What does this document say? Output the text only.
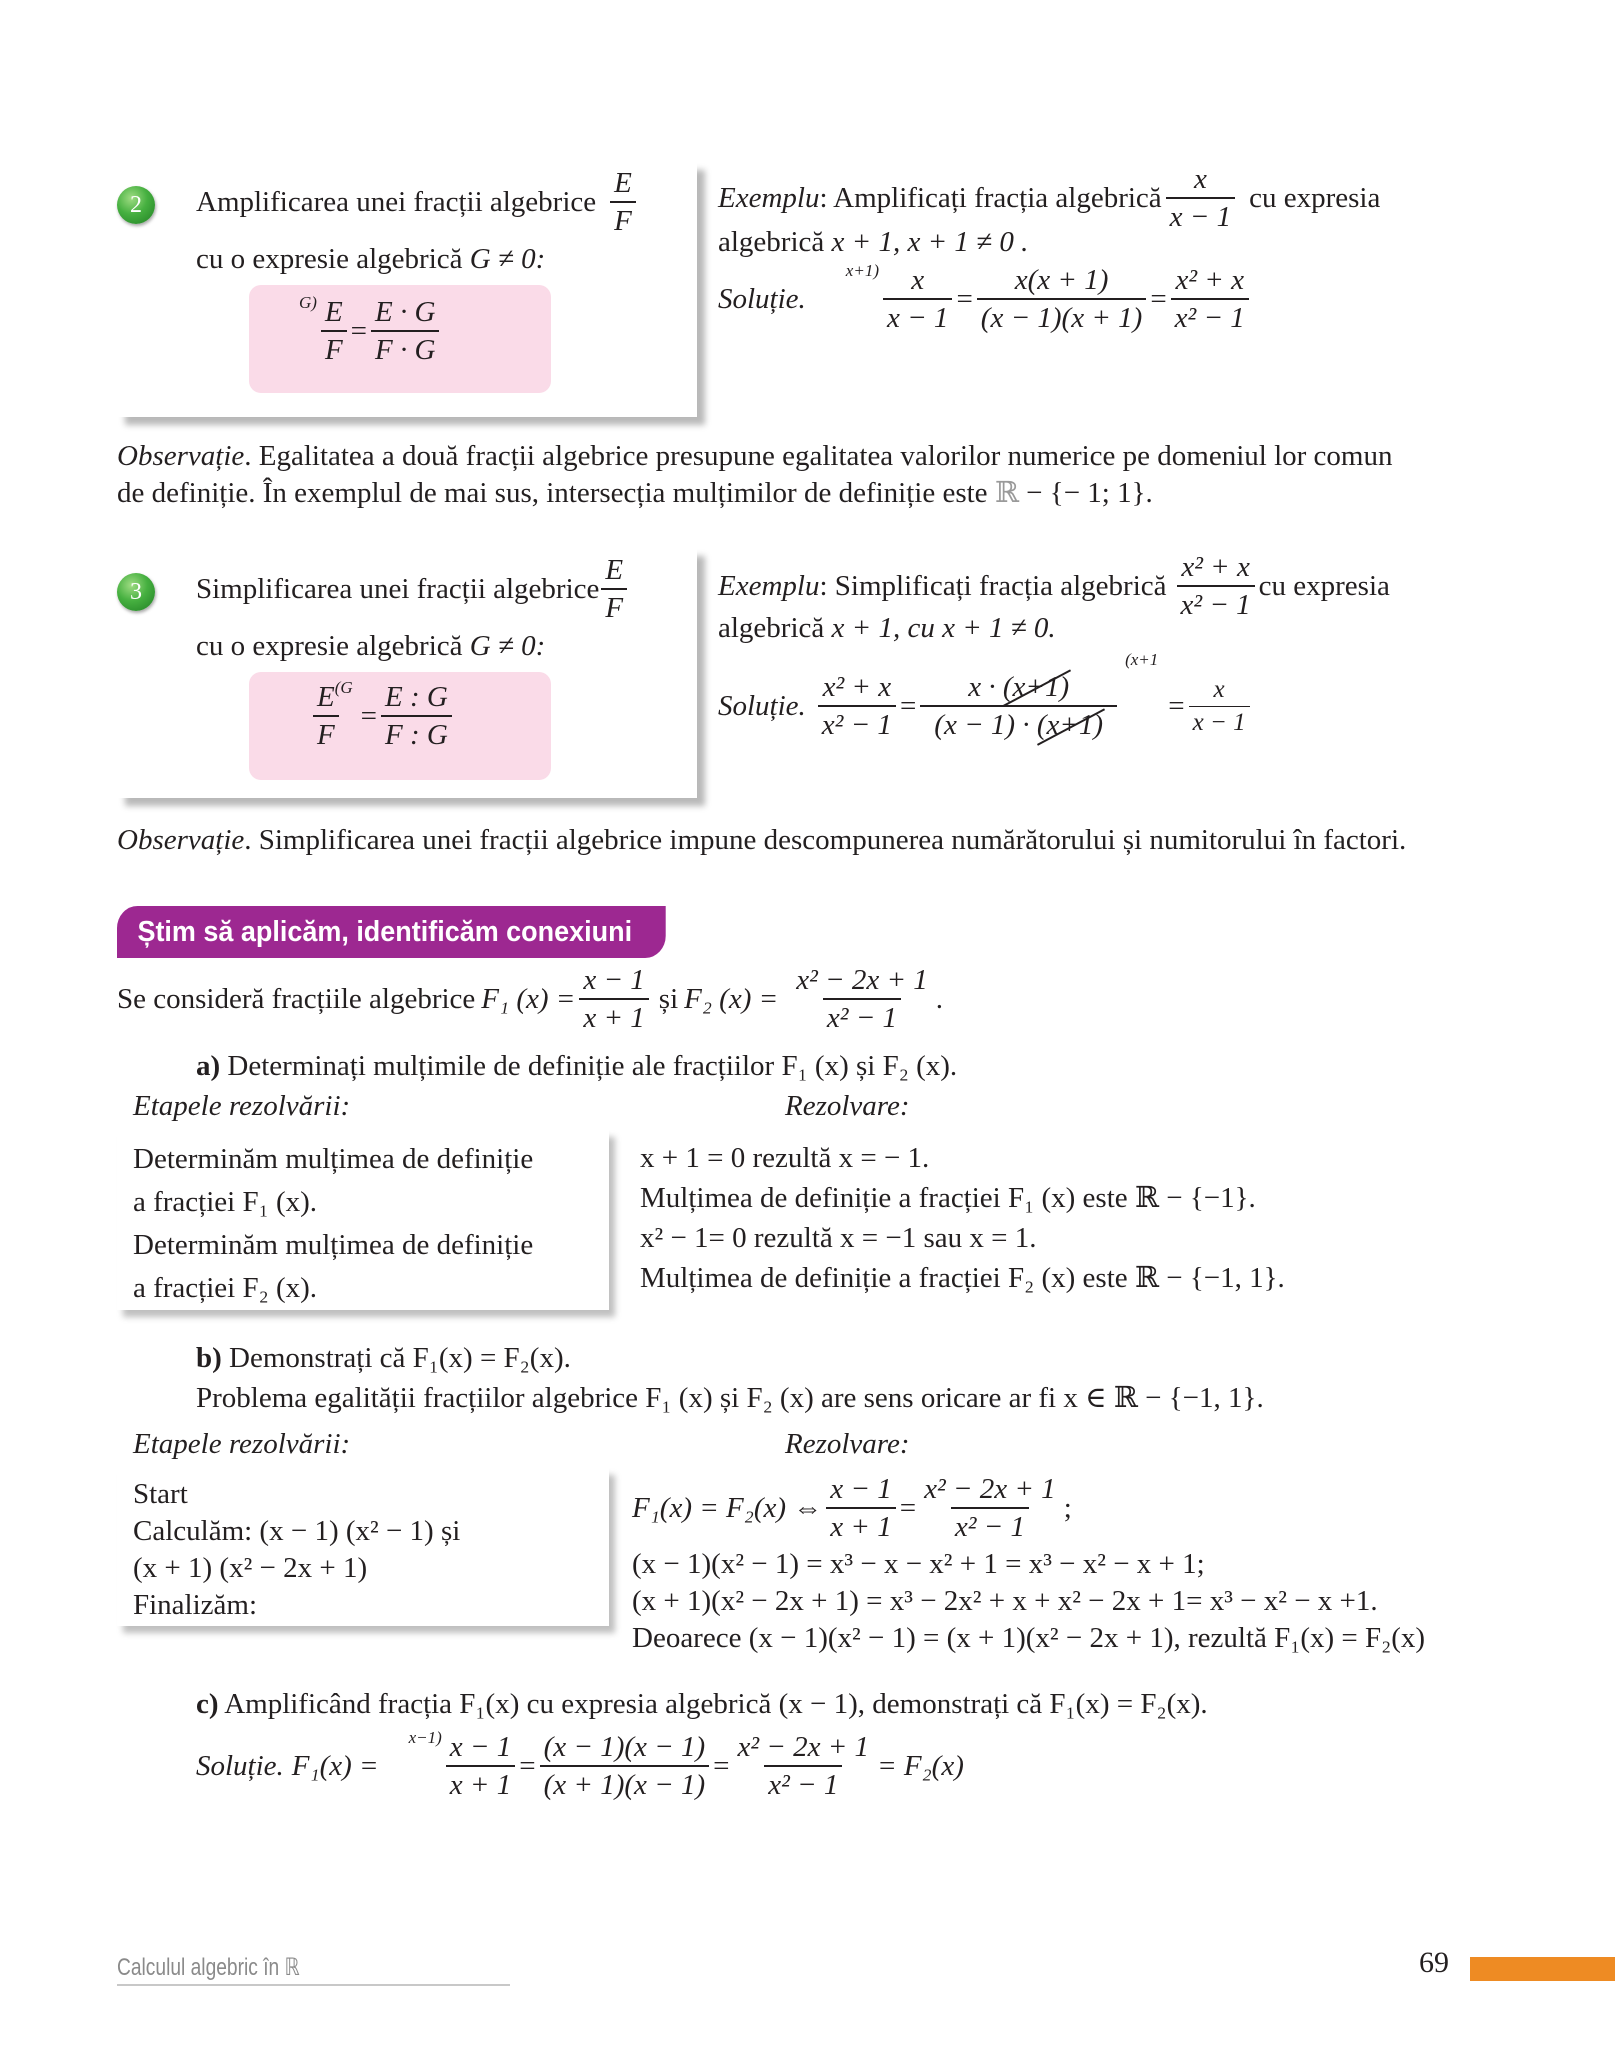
2 Amplificarea unei fracții algebrice $\frac{E}{F}$
cu o expresie algebrică G ≠ 0:
$G) \frac{E}{F} = \frac{E \cdot G}{F \cdot G}$
Exemplu : Amplificați fracția algebrică $\frac{x}{x - 1}$ cu expresia
algebrică x + 1, x + 1 ≠ 0 .
Soluție.
$x+1) \frac{x}{x - 1} = \frac{x(x + 1)}{(x - 1)(x + 1)} = \frac{\text{x² + x}}{\text{x² − 1}}$
Observație. Egalitatea a două fracții algebrice presupune egalitatea valorilor numerice pe domeniul lor comun de definiție. În exemplul de mai sus, intersecția mulțimilor de definiție este ℝ − {− 1; 1}.
3 Simplificarea unei fracții algebrice $\frac{E}{F}$
cu o expresie algebrică G ≠ 0:
$\frac{E}{F}$
(G
= $\frac{E : G}{F : G}$
Exemplu : Simplificați fracția algebrică $\frac{\text{x² + x}}{\text{x² − 1}}$ cu expresia
algebrică x + 1, cu x + 1 ≠ 0.
Soluție. $\frac{\text{x² + x}}{\text{x² − 1}} = \frac{x \cdot (x+1)}{(x - 1) \cdot (x+1)}$
(x+1
= $\frac{x}{x - 1}$
Observație. Simplificarea unei fracții algebrice impune descompunerea numărătorului și numitorului în factori.
Știm să aplicăm, identificăm conexiuni
Se consideră fracțiile algebrice F₁ $(x) = \frac{x - 1}{x + 1}$ și F₂ $(x) = \frac{\text{x² − 2x + 1}}{\text{x² − 1}}$ .
a) Determinați mulțimile de definiție ale fracțiilor F₁ (x) și F₂ (x).
Etapele rezolvării:	Rezolvare:
Determinăm mulțimea de definiție
a fracției F₁ (x).
Determinăm mulțimea de definiție
a fracției F₂ (x).
x + 1 = 0 rezultă x = − 1.
Mulțimea de definiție a fracției F₁ (x) este ℝ − {−1}.
x² − 1= 0 rezultă x = −1 sau x = 1.
Mulțimea de definiție a fracției F₂ (x) este ℝ − {−1, 1}.
b) Demonstrați că F₁(x) = F₂(x).
Problema egalității fracțiilor algebrice F₁ (x) și F₂ (x) are sens oricare ar fi x ∈ ℝ − {−1, 1}.
Etapele rezolvării:	Rezolvare:
Start
Calculăm: (x − 1) (x² − 1) și
(x + 1) (x² − 2x + 1)
Finalizăm:
F₁(x) = F₂(x) ⇔ $\frac{x - 1}{x + 1} = \frac{\text{x² − 2x + 1}}{\text{x² − 1}}$ ;
(x − 1)(x² − 1) = x³ − x − x² + 1 = x³ − x² − x + 1;
(x + 1)(x² − 2x + 1) = x³ − 2x² + x + x² − 2x + 1= x³ − x² − x +1.
Deoarece (x − 1)(x² − 1) = (x + 1)(x² − 2x + 1), rezultă F₁(x) = F₂(x)
c) Amplificând fracția F₁(x) cu expresia algebrică (x − 1), demonstrați că F₁(x) = F₂(x).
Soluție. F₁(x) =
$x-1) \frac{x - 1}{x + 1} = \frac{(x - 1)(x - 1)}{(x + 1)(x - 1)} = \frac{\text{x² − 2x + 1}}{\text{x² − 1}} = F_2(x)$
Calculul algebric în ℝ	69
